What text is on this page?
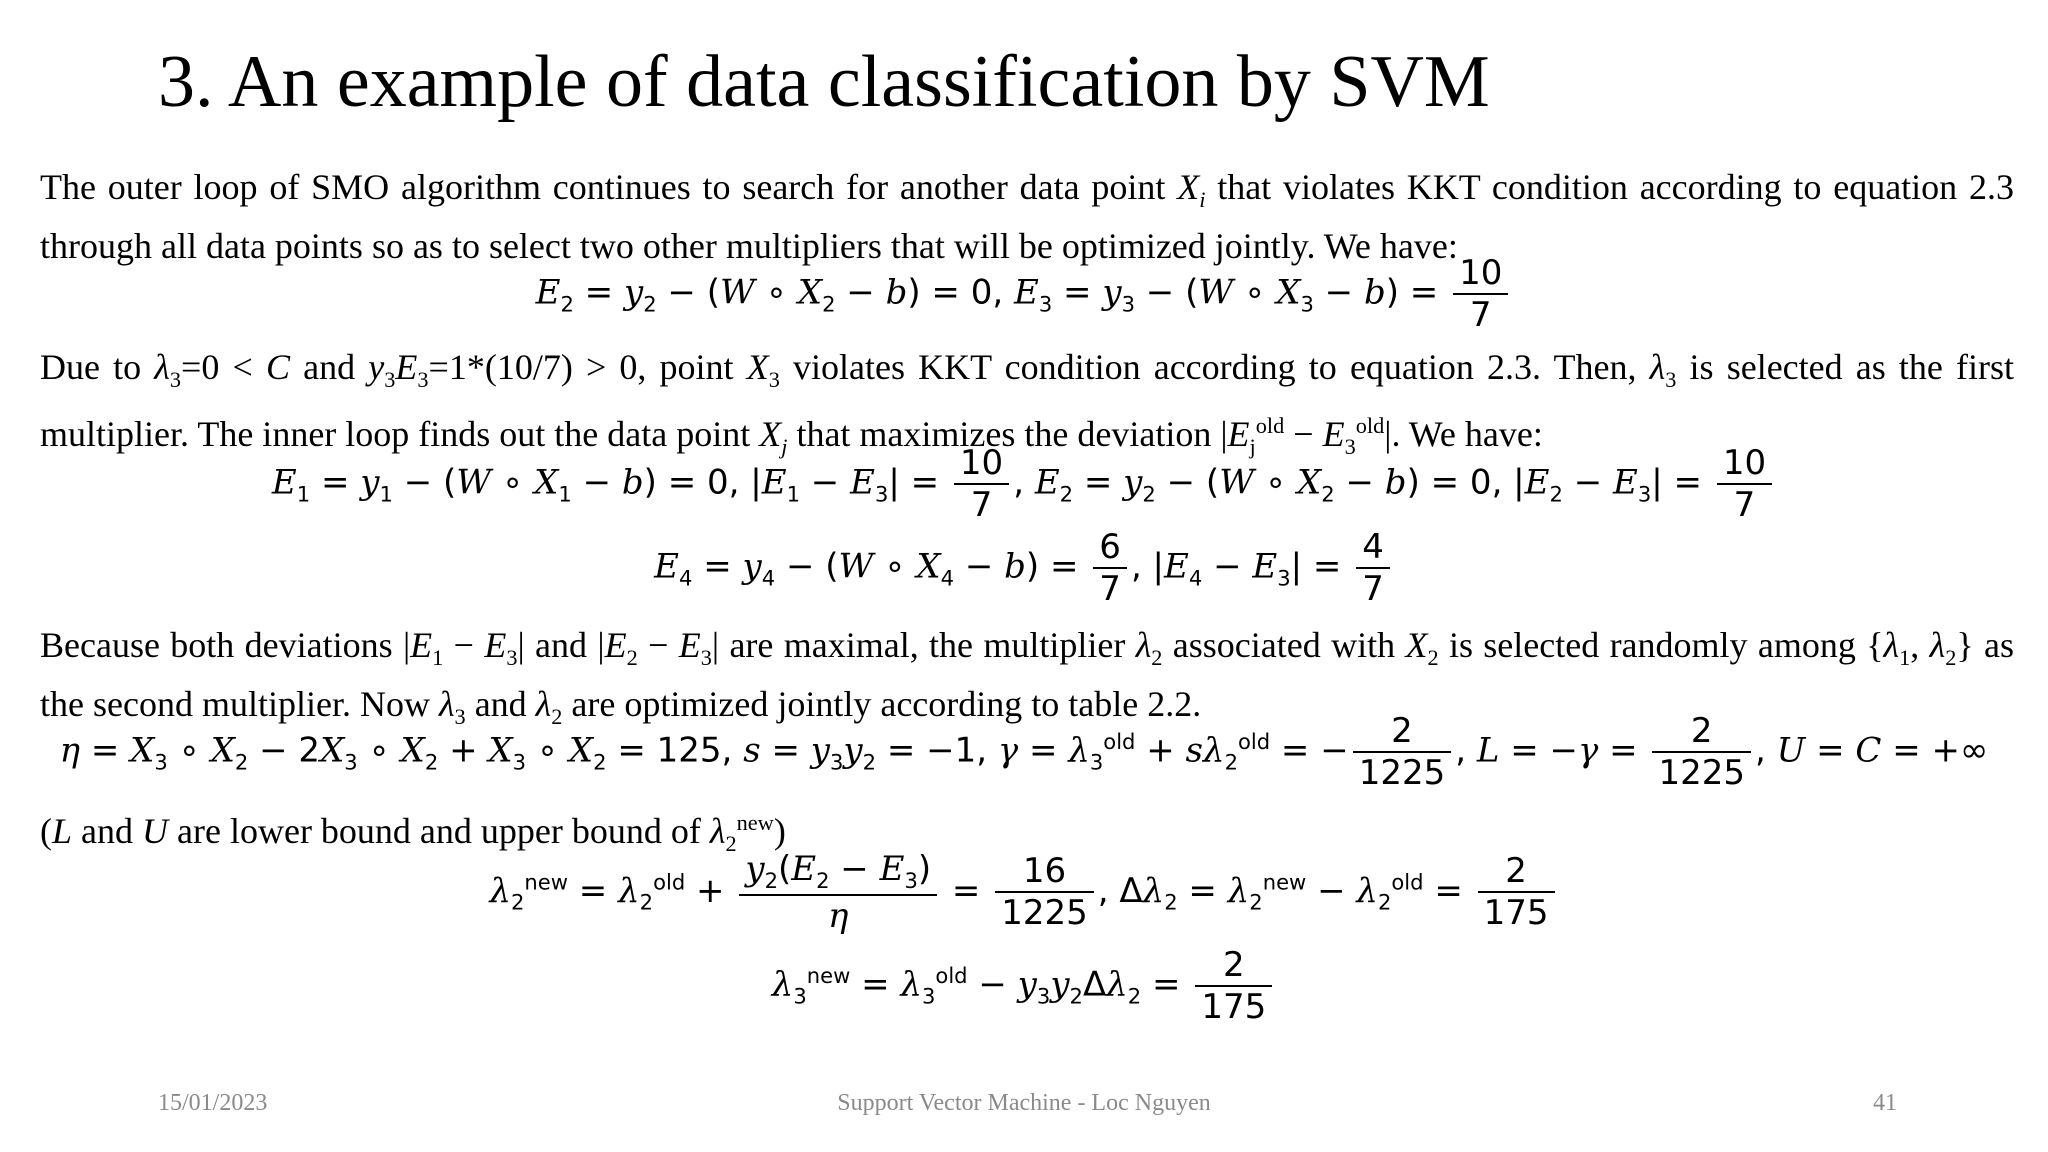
3. An example of data classification by SVM
The outer loop of SMO algorithm continues to search for another data point $X_i$ that violates KKT condition according to equation 2.3 through all data points so as to select two other multipliers that will be optimized jointly. We have:
$E_2 = y_2 - (W$ ∘ $X_2 - b) = 0$, $E_3 = y_3 - (W$ ∘ $X_3 - b) = \frac{10}{7}$
Due to $\lambda_3=0 < C$ and $y_3E_3=1*(10/7) > 0$, point $X_3$ violates KKT condition according to equation 2.3. Then, $\lambda_3$ is selected as the first multiplier. The inner loop finds out the data point $X_j$ that maximizes the deviation $|E_j^{old} - E_3^{old}|$. We have:
$E_1 = y_1 - (W$ ∘ $X_1 - b) = 0$, $|E_1 - E_3| = \frac{10}{7}$ , $E_2 = y_2 - (W$ ∘ $X_2 - b) = 0$, $|E_2 - E_3| = \frac{10}{7}$
$E_4 = y_4 - (W$ ∘ $X_4 - b) = \frac{6}{7}$ , $|E_4 - E_3| = \frac{4}{7}$
Because both deviations $|E_1 - E_3|$ and $|E_2 - E_3|$ are maximal, the multiplier $\lambda_2$ associated with $X_2$ is selected randomly among {$\lambda_1$, $\lambda_2$} as the second multiplier. Now $\lambda_3$ and $\lambda_2$ are optimized jointly according to table 2.2.
$\eta = X_3$ ∘ $X_2 - 2X_3$ ∘ $X_2 + X_3$ ∘ $X_2 = 125$, $s = y_3y_2 = -1$, $\gamma = \lambda_3^{old} + s\lambda_2^{old}$ = − $\frac{2}{1225}$ , $L = -\gamma = \frac{2}{1225}$ , U = C = +∞
(L and U are lower bound and upper bound of $\lambda_2^{new}$)
$\lambda_2^{new} = \lambda_2^{old} + \frac{y_2(E_2 - E_3)}{\eta} = \frac{16}{1225}$ , $\Delta\lambda_2 = \lambda_2^{new} - \lambda_2^{old} = \frac{2}{175}$
$\lambda_3^{new} = \lambda_3^{old} - y_3y_2\Delta\lambda_2 = \frac{2}{175}$
15/01/2023	Support Vector Machine - Loc Nguyen	41
